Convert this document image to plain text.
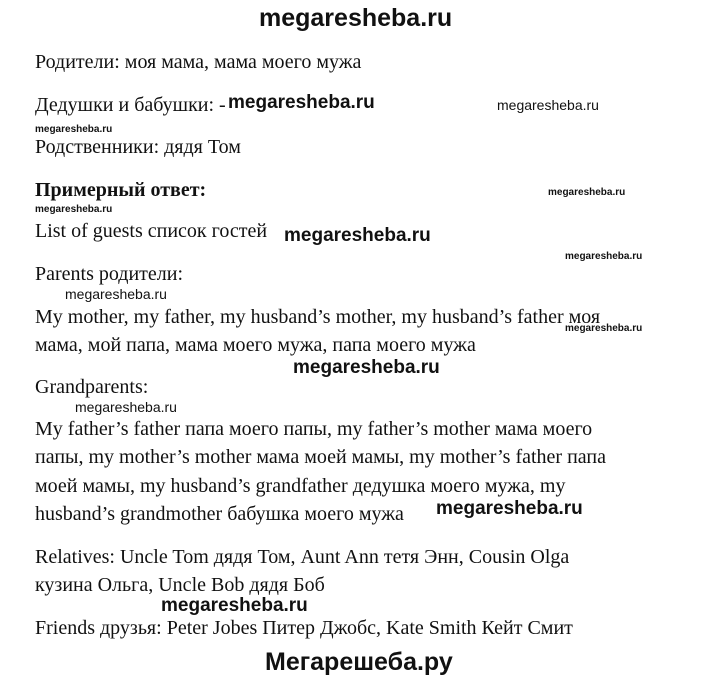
megaresheba.ru
Родители: моя мама, мама моего мужа
Дедушки и бабушки: -
Родственники: дядя Том
Примерный ответ:
List of guests список гостей
Parents родители:
My mother, my father, my husband’s mother, my husband’s father моя
мама, мой папа, мама моего мужа, папа моего мужа
Grandparents:
My father’s father папа моего папы, my father’s mother мама моего
папы, my mother’s mother мама моей мамы, my mother’s father папа
моей мамы, my husband’s grandfather дедушка моего мужа, my
husband’s grandmother бабушка моего мужа
Relatives: Uncle Tom дядя Том, Aunt Ann тетя Энн, Cousin Olga
кузина Ольга, Uncle Bob дядя Боб
Friends друзья: Peter Jobes Питер Джобс, Kate Smith Кейт Смит
megaresheba.ru	megaresheba.ru
megaresheba.ru
megaresheba.ru
megaresheba.ru
megaresheba.ru
megaresheba.ru
megaresheba.ru
megaresheba.ru
megaresheba.ru
megaresheba.ru
megaresheba.ru
megaresheba.ru
Мегарешеба.ру
